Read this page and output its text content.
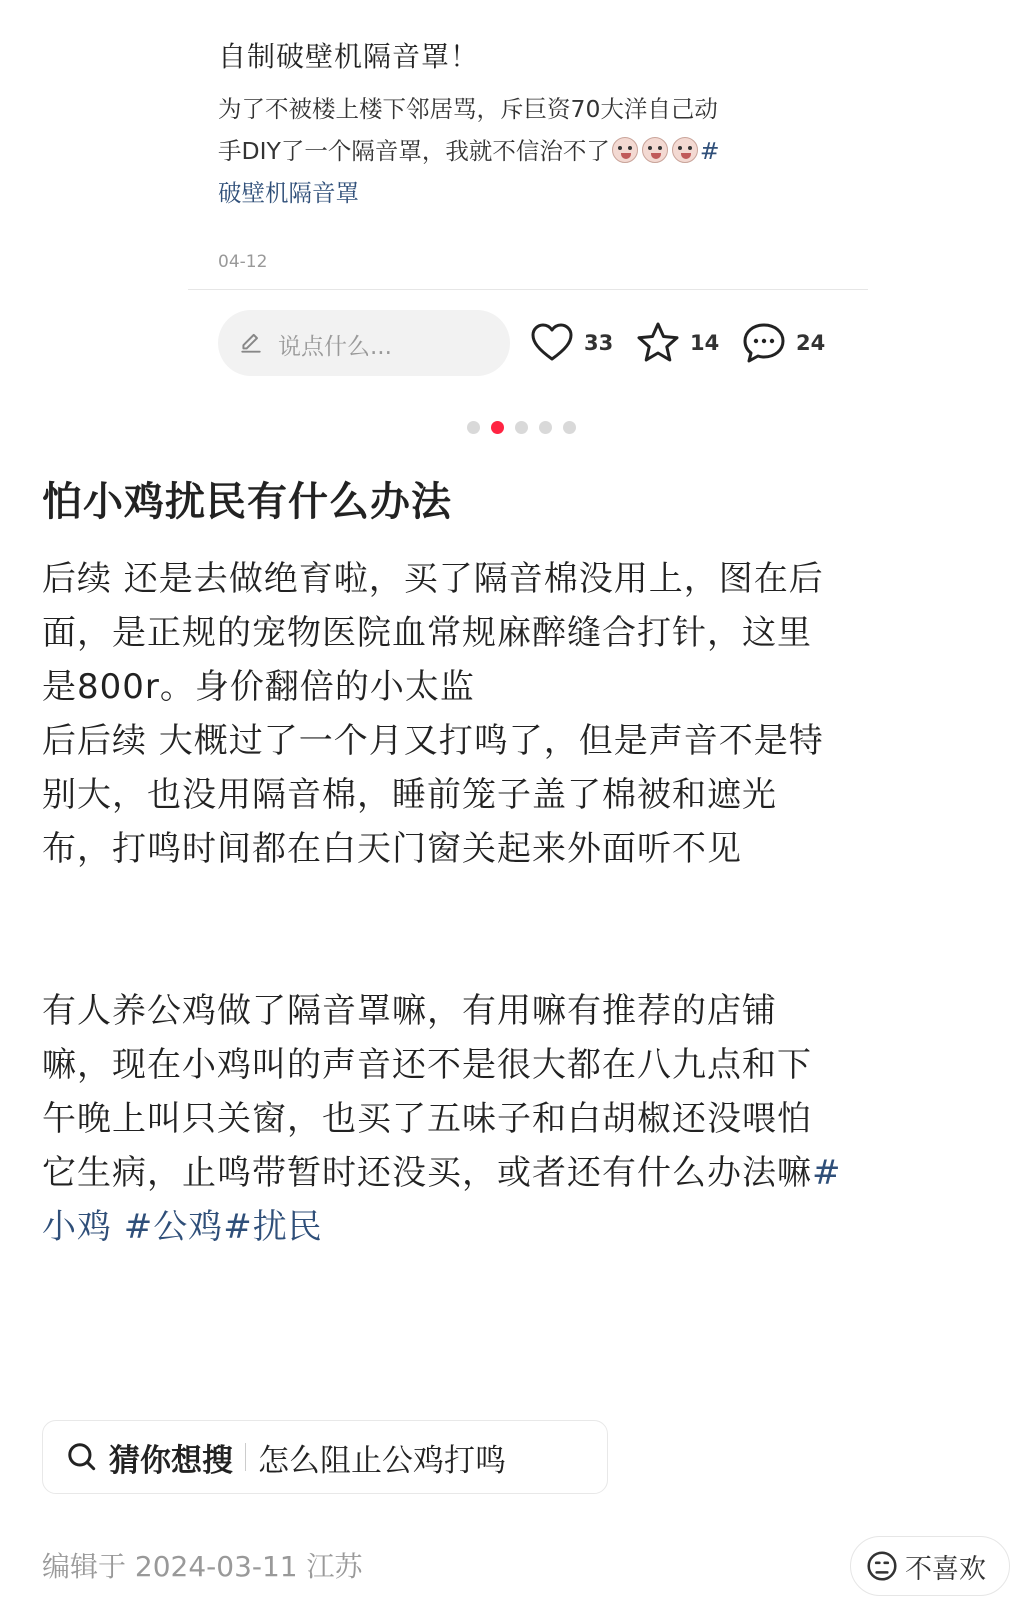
自制破壁机隔音罩！
为了不被楼上楼下邻居骂，斥巨资70大洋自己动
手DIY了一个隔音罩，我就不信治不了	#
破壁机隔音罩
04-12
说点什么...	33	14	24
怕小鸡扰民有什么办法
后续 还是去做绝育啦，买了隔音棉没用上，图在后
面，是正规的宠物医院血常规麻醉缝合打针，这里
是800r。身价翻倍的小太监
后后续 大概过了一个月又打鸣了，但是声音不是特
别大，也没用隔音棉，睡前笼子盖了棉被和遮光
布，打鸣时间都在白天门窗关起来外面听不见
有人养公鸡做了隔音罩嘛，有用嘛有推荐的店铺
嘛，现在小鸡叫的声音还不是很大都在八九点和下
午晚上叫只关窗，也买了五味子和白胡椒还没喂怕
它生病，止鸣带暂时还没买，或者还有什么办法嘛#
小鸡 #公鸡#扰民
猜你想搜 怎么阻止公鸡打鸣
编辑于 2024-03-11 江苏	不喜欢
